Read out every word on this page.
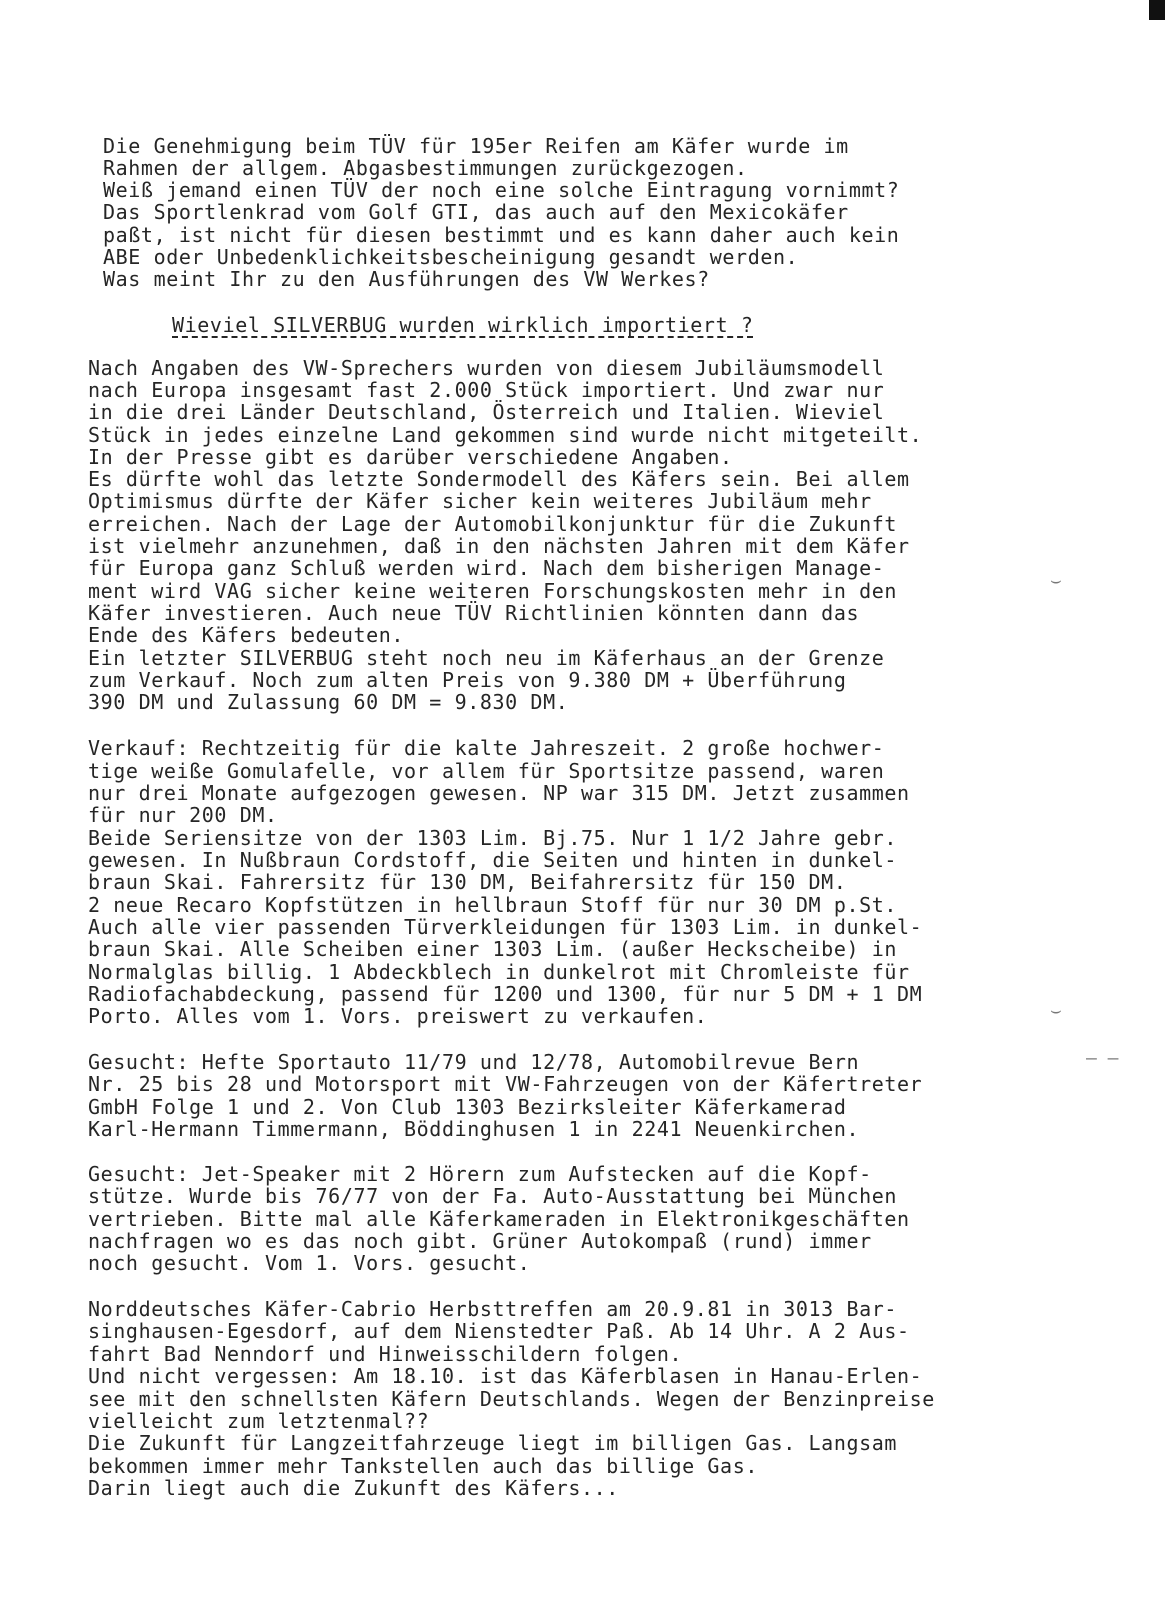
⌣
⌣
– –
Die Genehmigung beim TÜV für 195er Reifen am Käfer wurde im
Rahmen der allgem. Abgasbestimmungen zurückgezogen.
Weiß jemand einen TÜV der noch eine solche Eintragung vornimmt?
Das Sportlenkrad vom Golf GTI, das auch auf den Mexicokäfer
paßt, ist nicht für diesen bestimmt und es kann daher auch kein
ABE oder Unbedenklichkeitsbescheinigung gesandt werden.
Was meint Ihr zu den Ausführungen des VW Werkes?
Wieviel SILVERBUG wurden wirklich importiert ?
Nach Angaben des VW-Sprechers wurden von diesem Jubiläumsmodell
nach Europa insgesamt fast 2.000 Stück importiert. Und zwar nur
in die drei Länder Deutschland, Österreich und Italien. Wieviel
Stück in jedes einzelne Land gekommen sind wurde nicht mitgeteilt.
In der Presse gibt es darüber verschiedene Angaben.
Es dürfte wohl das letzte Sondermodell des Käfers sein. Bei allem
Optimismus dürfte der Käfer sicher kein weiteres Jubiläum mehr
erreichen. Nach der Lage der Automobilkonjunktur für die Zukunft
ist vielmehr anzunehmen, daß in den nächsten Jahren mit dem Käfer
für Europa ganz Schluß werden wird. Nach dem bisherigen Manage-
ment wird VAG sicher keine weiteren Forschungskosten mehr in den
Käfer investieren. Auch neue TÜV Richtlinien könnten dann das
Ende des Käfers bedeuten.
Ein letzter SILVERBUG steht noch neu im Käferhaus an der Grenze
zum Verkauf. Noch zum alten Preis von 9.380 DM + Überführung
390 DM und Zulassung 60 DM = 9.830 DM.
Verkauf: Rechtzeitig für die kalte Jahreszeit. 2 große hochwer-
tige weiße Gomulafelle, vor allem für Sportsitze passend, waren
nur drei Monate aufgezogen gewesen. NP war 315 DM. Jetzt zusammen
für nur 200 DM.
Beide Seriensitze von der 1303 Lim. Bj.75. Nur 1 1/2 Jahre gebr.
gewesen. In Nußbraun Cordstoff, die Seiten und hinten in dunkel-
braun Skai. Fahrersitz für 130 DM, Beifahrersitz für 150 DM.
2 neue Recaro Kopfstützen in hellbraun Stoff für nur 30 DM p.St.
Auch alle vier passenden Türverkleidungen für 1303 Lim. in dunkel-
braun Skai. Alle Scheiben einer 1303 Lim. (außer Heckscheibe) in
Normalglas billig. 1 Abdeckblech in dunkelrot mit Chromleiste für
Radiofachabdeckung, passend für 1200 und 1300, für nur 5 DM + 1 DM
Porto. Alles vom 1. Vors. preiswert zu verkaufen.
Gesucht: Hefte Sportauto 11/79 und 12/78, Automobilrevue Bern
Nr. 25 bis 28 und Motorsport mit VW-Fahrzeugen von der Käfertreter
GmbH Folge 1 und 2. Von Club 1303 Bezirksleiter Käferkamerad
Karl-Hermann Timmermann, Böddinghusen 1 in 2241 Neuenkirchen.
Gesucht: Jet-Speaker mit 2 Hörern zum Aufstecken auf die Kopf-
stütze. Wurde bis 76/77 von der Fa. Auto-Ausstattung bei München
vertrieben. Bitte mal alle Käferkameraden in Elektronikgeschäften
nachfragen wo es das noch gibt. Grüner Autokompaß (rund) immer
noch gesucht. Vom 1. Vors. gesucht.
Norddeutsches Käfer-Cabrio Herbsttreffen am 20.9.81 in 3013 Bar-
singhausen-Egesdorf, auf dem Nienstedter Paß. Ab 14 Uhr. A 2 Aus-
fahrt Bad Nenndorf und Hinweisschildern folgen.
Und nicht vergessen: Am 18.10. ist das Käferblasen in Hanau-Erlen-
see mit den schnellsten Käfern Deutschlands. Wegen der Benzinpreise
vielleicht zum letztenmal??
Die Zukunft für Langzeitfahrzeuge liegt im billigen Gas. Langsam
bekommen immer mehr Tankstellen auch das billige Gas.
Darin liegt auch die Zukunft des Käfers...
